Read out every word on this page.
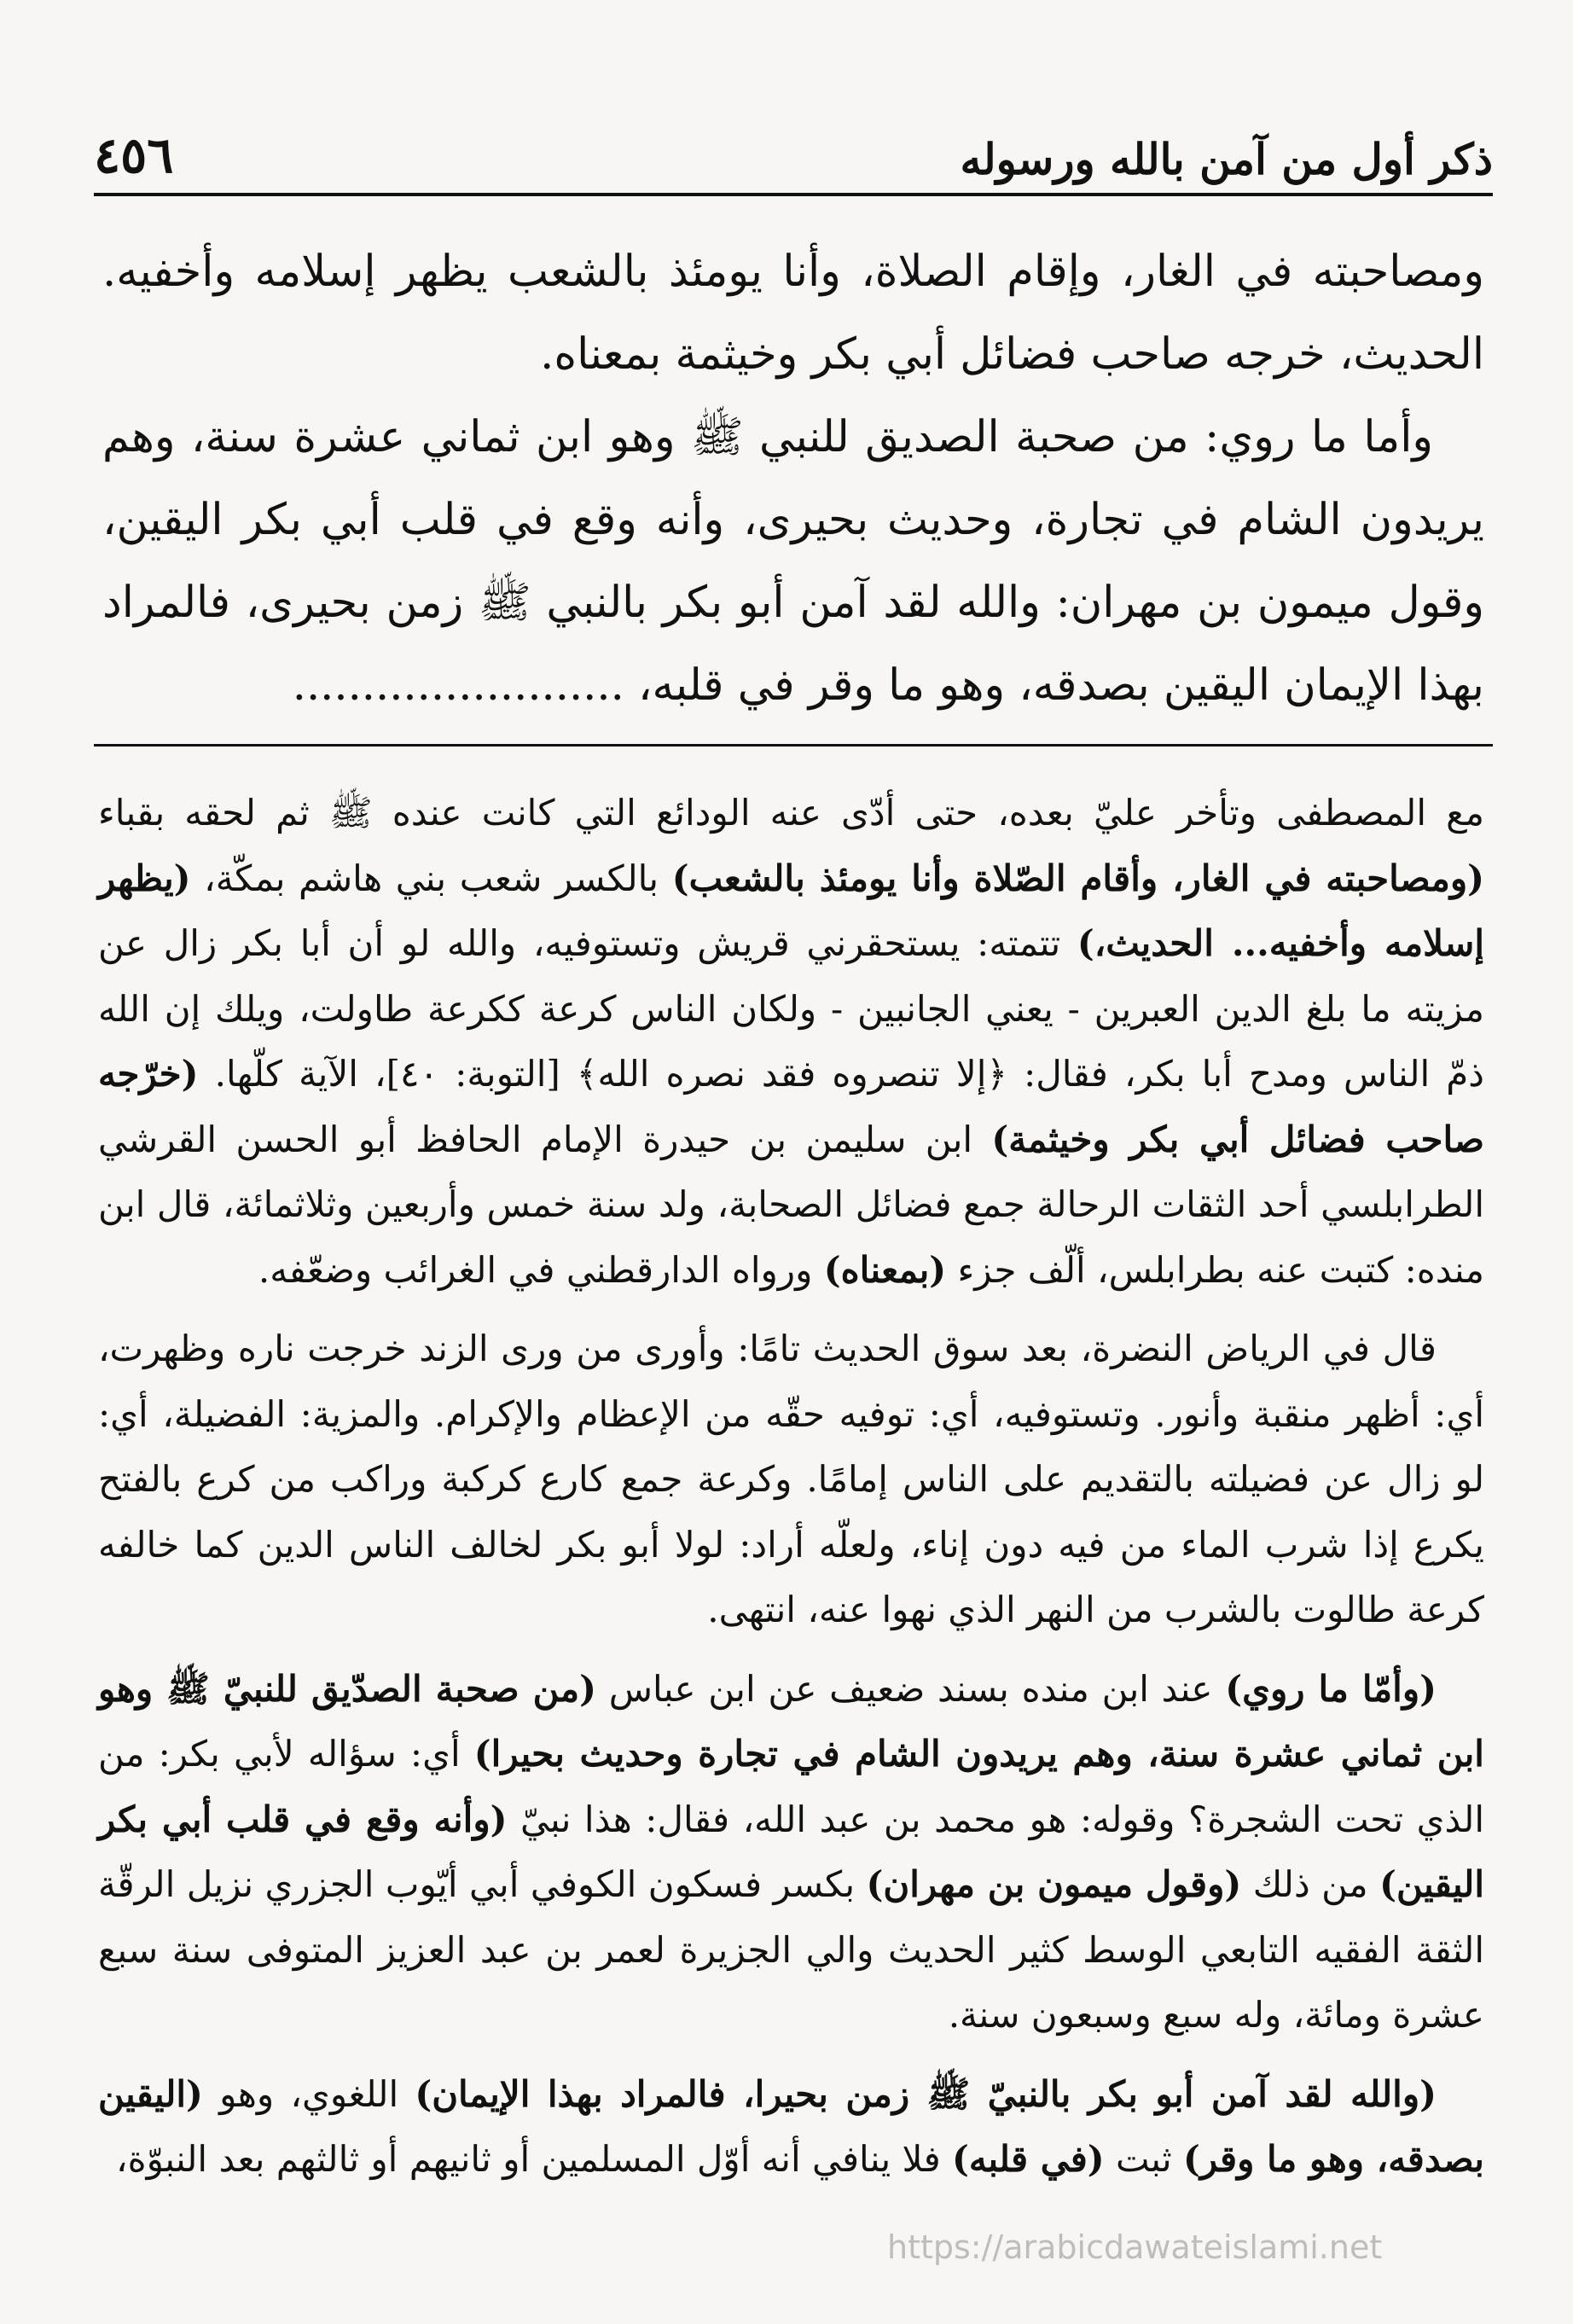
٤٥٦	ذكر أول من آمن بالله ورسوله

ومصاحبته في الغار، وإقام الصلاة، وأنا يومئذ بالشعب يظهر إسلامه وأخفيه. الحديث، خرجه صاحب فضائل أبي بكر وخيثمة بمعناه.

وأما ما روي: من صحبة الصديق للنبي ﷺ وهو ابن ثماني عشرة سنة، وهم يريدون الشام في تجارة، وحديث بحيرى، وأنه وقع في قلب أبي بكر اليقين، وقول ميمون بن مهران: والله لقد آمن أبو بكر بالنبي ﷺ زمن بحيرى، فالمراد بهذا الإيمان اليقين بصدقه، وهو ما وقر في قلبه، ........................

مع المصطفى وتأخر عليّ بعده، حتى أدّى عنه الودائع التي كانت عنده ﷺ ثم لحقه بقباء (ومصاحبته في الغار، وأقام الصّلاة وأنا يومئذ بالشعب) بالكسر شعب بني هاشم بمكّة، (يظهر إسلامه وأخفيه... الحديث،) تتمته: يستحقرني قريش وتستوفيه، والله لو أن أبا بكر زال عن مزيته ما بلغ الدين العبرين - يعني الجانبين - ولكان الناس كرعة ككرعة طاولت، ويلك إن الله ذمّ الناس ومدح أبا بكر، فقال: ﴿إلا تنصروه فقد نصره الله﴾ [التوبة: ٤٠]، الآية كلّها. (خرّجه صاحب فضائل أبي بكر وخيثمة) ابن سليمن بن حيدرة الإمام الحافظ أبو الحسن القرشي الطرابلسي أحد الثقات الرحالة جمع فضائل الصحابة، ولد سنة خمس وأربعين وثلاثمائة، قال ابن منده: كتبت عنه بطرابلس، ألّف جزء (بمعناه) ورواه الدارقطني في الغرائب وضعّفه.

قال في الرياض النضرة، بعد سوق الحديث تامًا: وأورى من ورى الزند خرجت ناره وظهرت، أي: أظهر منقبة وأنور. وتستوفيه، أي: توفيه حقّه من الإعظام والإكرام. والمزية: الفضيلة، أي: لو زال عن فضيلته بالتقديم على الناس إمامًا. وكرعة جمع كارع كركبة وراكب من كرع بالفتح يكرع إذا شرب الماء من فيه دون إناء، ولعلّه أراد: لولا أبو بكر لخالف الناس الدين كما خالفه كرعة طالوت بالشرب من النهر الذي نهوا عنه، انتهى.

(وأمّا ما روي) عند ابن منده بسند ضعيف عن ابن عباس (من صحبة الصدّيق للنبيّ ﷺ وهو ابن ثماني عشرة سنة، وهم يريدون الشام في تجارة وحديث بحيرا) أي: سؤاله لأبي بكر: من الذي تحت الشجرة؟ وقوله: هو محمد بن عبد الله، فقال: هذا نبيّ (وأنه وقع في قلب أبي بكر اليقين) من ذلك (وقول ميمون بن مهران) بكسر فسكون الكوفي أبي أيّوب الجزري نزيل الرقّة الثقة الفقيه التابعي الوسط كثير الحديث والي الجزيرة لعمر بن عبد العزيز المتوفى سنة سبع عشرة ومائة، وله سبع وسبعون سنة.

(والله لقد آمن أبو بكر بالنبيّ ﷺ زمن بحيرا، فالمراد بهذا الإيمان) اللغوي، وهو (اليقين بصدقه، وهو ما وقر) ثبت (في قلبه) فلا ينافي أنه أوّل المسلمين أو ثانيهم أو ثالثهم بعد النبوّة،

https://arabicdawateislami.net
